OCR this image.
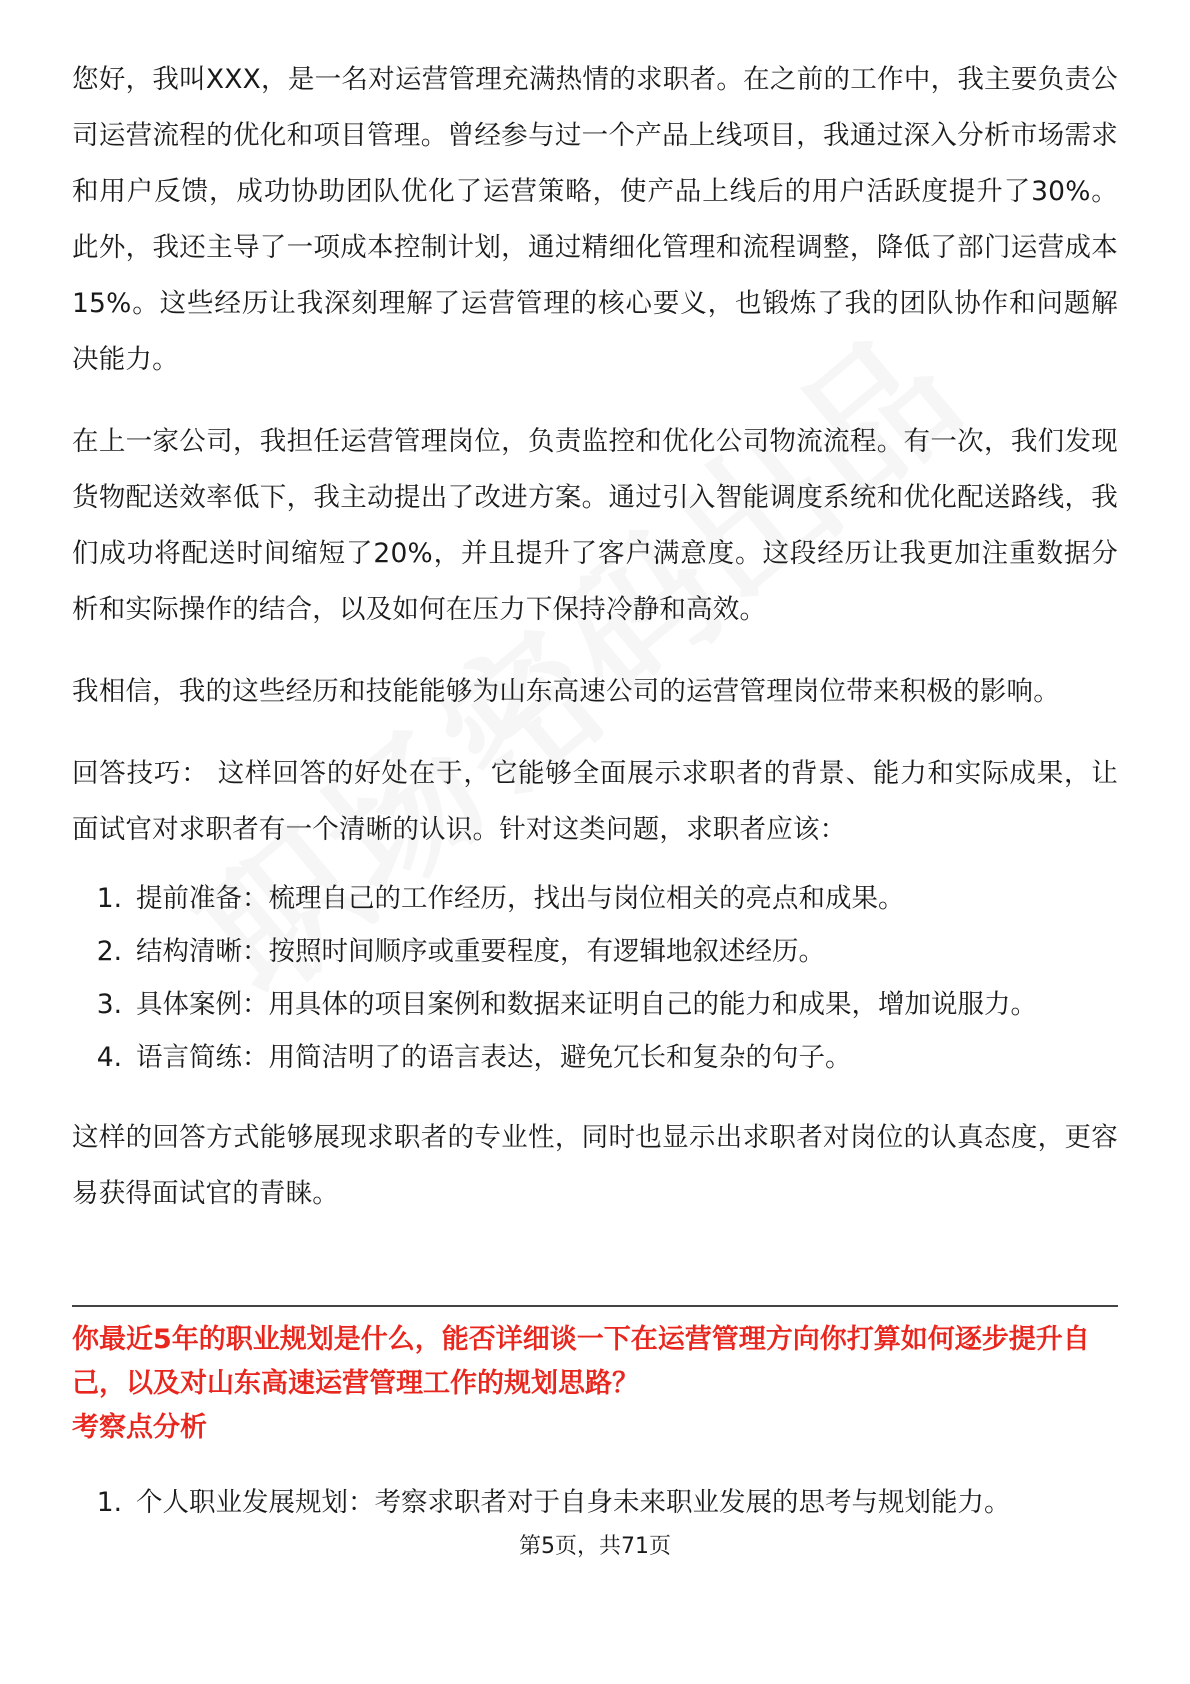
您好，我叫XXX，是一名对运营管理充满热情的求职者。在之前的工作中，我主要负责公司运营流程的优化和项目管理。曾经参与过一个产品上线项目，我通过深入分析市场需求和用户反馈，成功协助团队优化了运营策略，使产品上线后的用户活跃度提升了30%。此外，我还主导了一项成本控制计划，通过精细化管理和流程调整，降低了部门运营成本15%。这些经历让我深刻理解了运营管理的核心要义，也锻炼了我的团队协作和问题解决能力。

在上一家公司，我担任运营管理岗位，负责监控和优化公司物流流程。有一次，我们发现货物配送效率低下，我主动提出了改进方案。通过引入智能调度系统和优化配送路线，我们成功将配送时间缩短了20%，并且提升了客户满意度。这段经历让我更加注重数据分析和实际操作的结合，以及如何在压力下保持冷静和高效。

我相信，我的这些经历和技能能够为山东高速公司的运营管理岗位带来积极的影响。

回答技巧： 这样回答的好处在于，它能够全面展示求职者的背景、能力和实际成果，让面试官对求职者有一个清晰的认识。针对这类问题，求职者应该：

1. 提前准备：梳理自己的工作经历，找出与岗位相关的亮点和成果。
2. 结构清晰：按照时间顺序或重要程度，有逻辑地叙述经历。
3. 具体案例：用具体的项目案例和数据来证明自己的能力和成果，增加说服力。
4. 语言简练：用简洁明了的语言表达，避免冗长和复杂的句子。

这样的回答方式能够展现求职者的专业性，同时也显示出求职者对岗位的认真态度，更容易获得面试官的青睐。

你最近5年的职业规划是什么，能否详细谈一下在运营管理方向你打算如何逐步提升自己，以及对山东高速运营管理工作的规划思路？
考察点分析
1. 个人职业发展规划：考察求职者对于自身未来职业发展的思考与规划能力。
第5页，共71页
